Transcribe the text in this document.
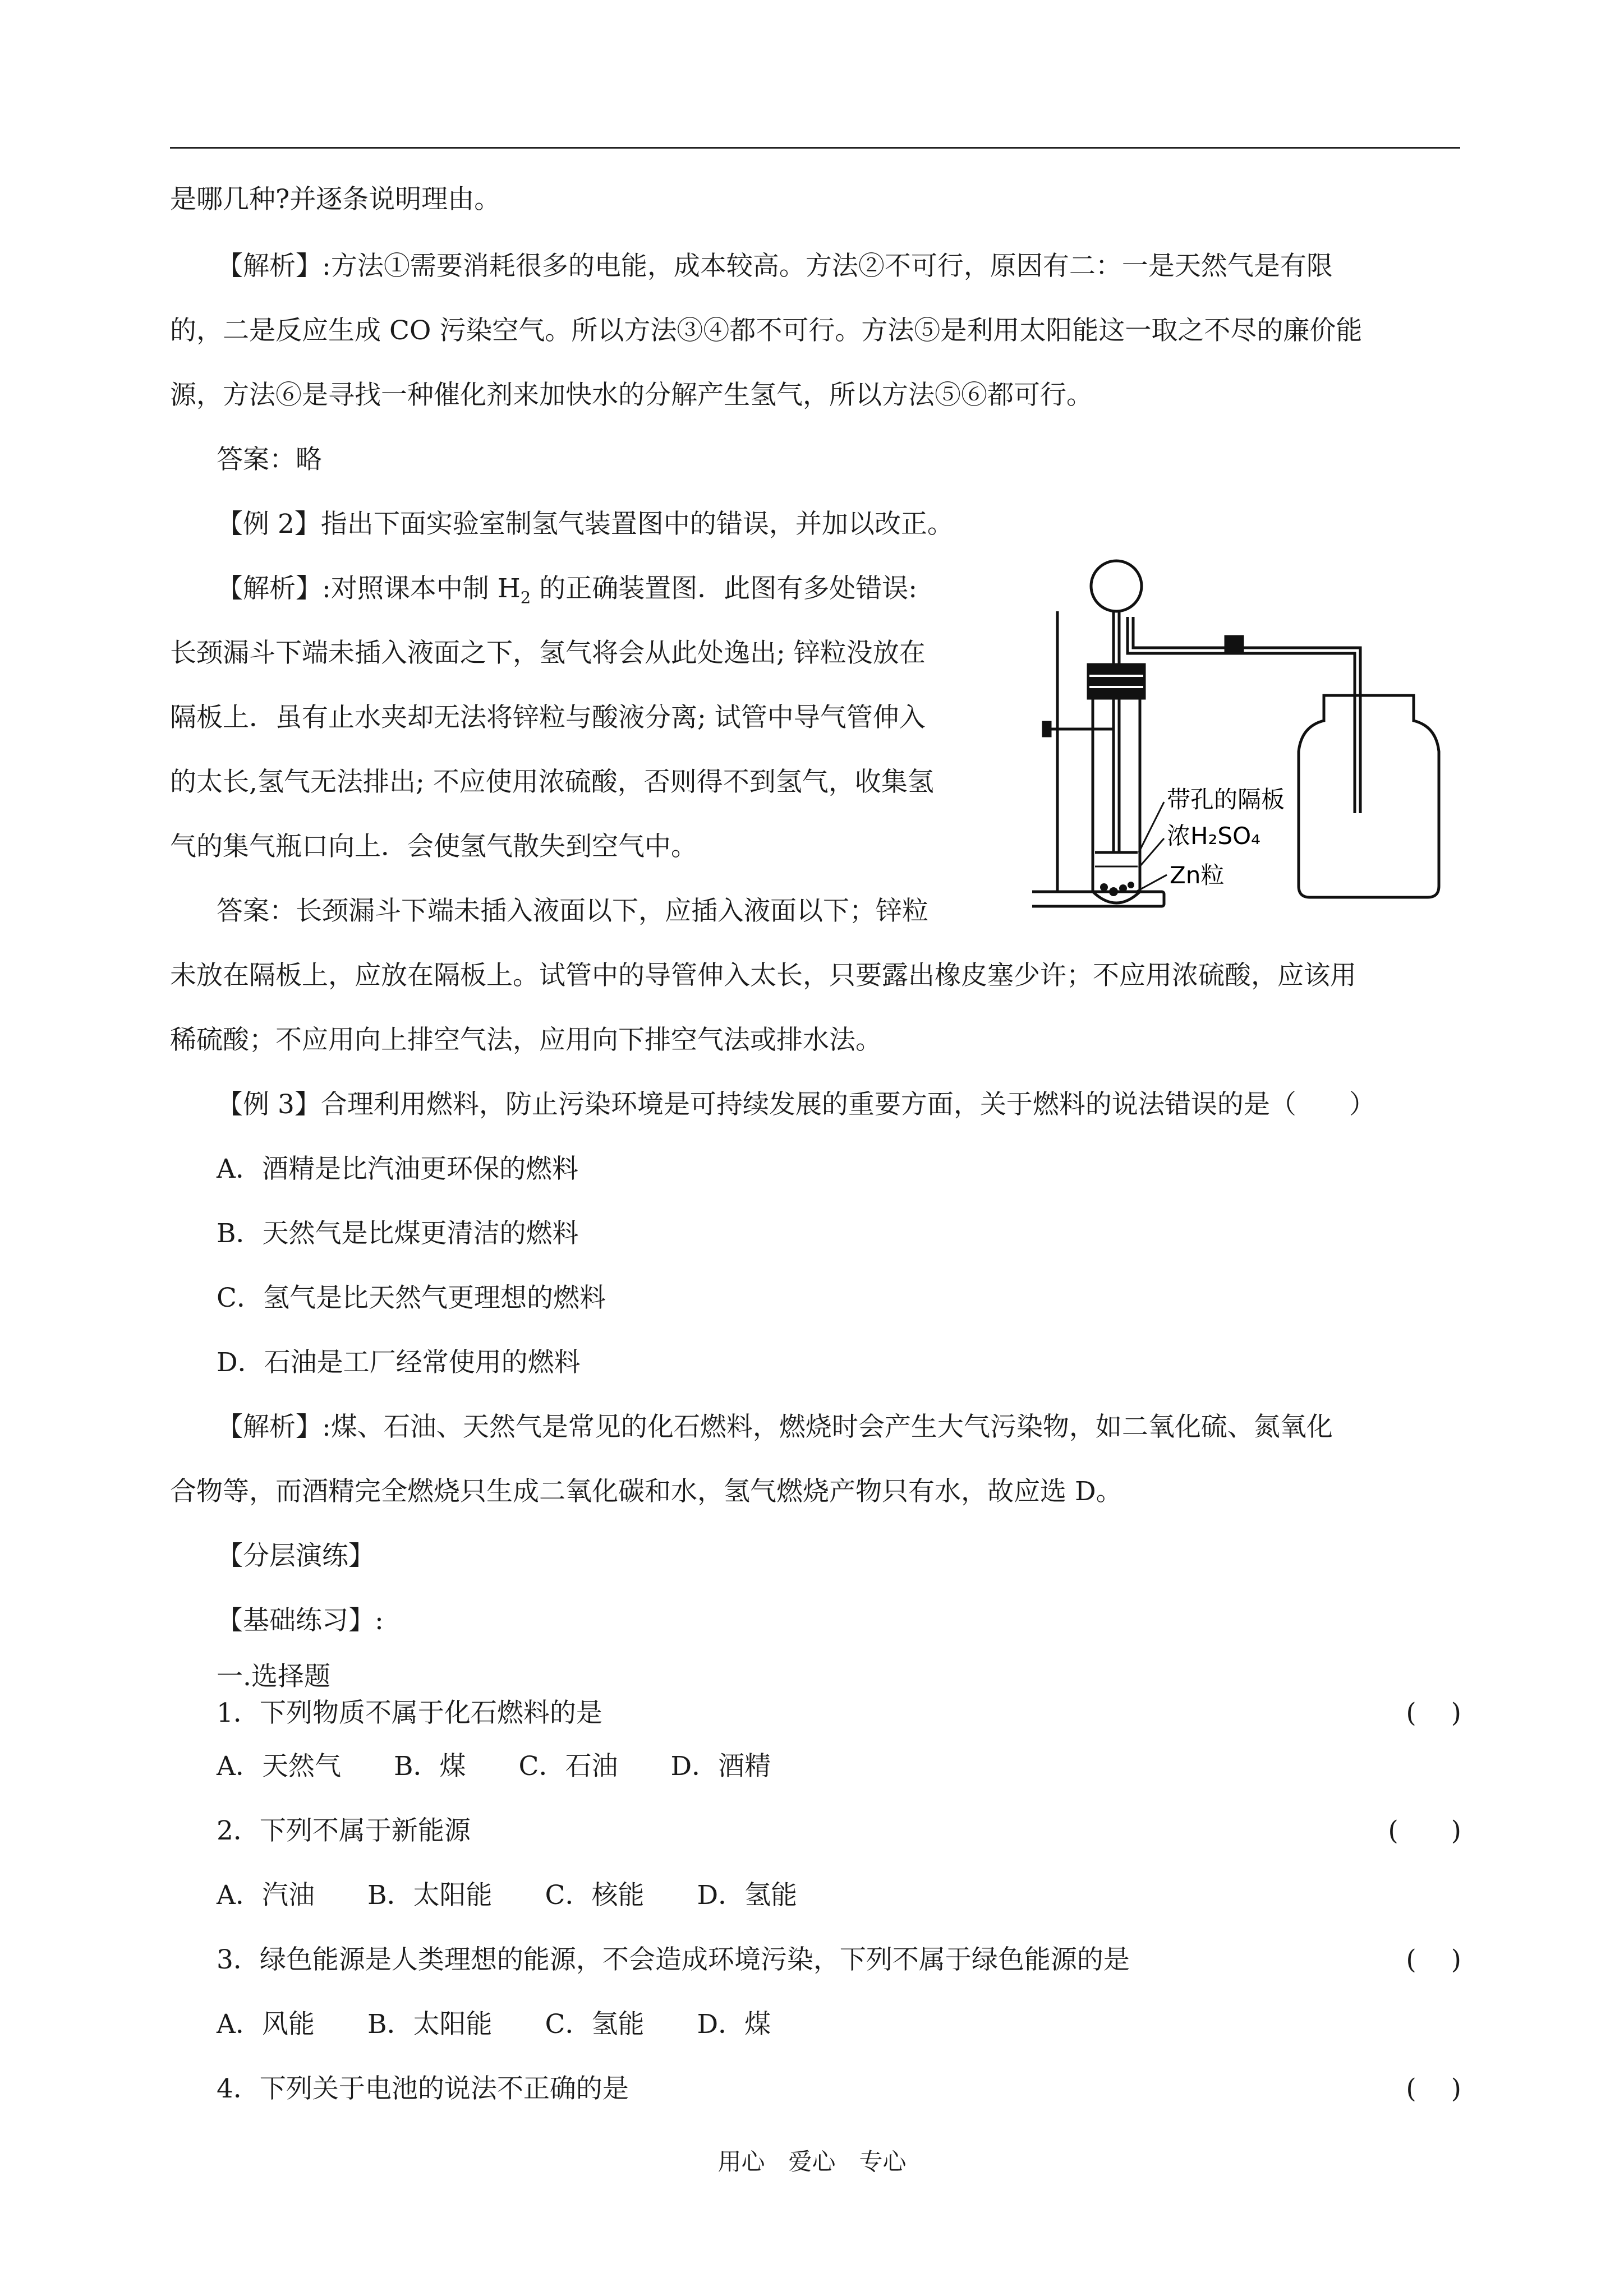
是哪几种?并逐条说明理由。
【解析】:方法①需要消耗很多的电能，成本较高。方法②不可行，原因有二：一是天然气是有限
的，二是反应生成 CO 污染空气。所以方法③④都不可行。方法⑤是利用太阳能这一取之不尽的廉价能
源，方法⑥是寻找一种催化剂来加快水的分解产生氢气，所以方法⑤⑥都可行。
答案：略
【例 2】指出下面实验室制氢气装置图中的错误，并加以改正。
【解析】:对照课本中制 $H_2$ 的正确装置图．此图有多处错误:
长颈漏斗下端未插入液面之下，氢气将会从此处逸出; 锌粒没放在
隔板上．虽有止水夹却无法将锌粒与酸液分离; 试管中导气管伸入
的太长,氢气无法排出; 不应使用浓硫酸，否则得不到氢气，收集氢
气的集气瓶口向上．会使氢气散失到空气中。
答案：长颈漏斗下端未插入液面以下，应插入液面以下；锌粒
未放在隔板上，应放在隔板上。试管中的导管伸入太长，只要露出橡皮塞少许；不应用浓硫酸，应该用
稀硫酸；不应用向上排空气法，应用向下排空气法或排水法。
【例 3】合理利用燃料，防止污染环境是可持续发展的重要方面，关于燃料的说法错误的是（　　）
A．酒精是比汽油更环保的燃料
B．天然气是比煤更清洁的燃料
C．氢气是比天然气更理想的燃料
D．石油是工厂经常使用的燃料
【解析】:煤、石油、天然气是常见的化石燃料，燃烧时会产生大气污染物，如二氧化硫、氮氧化
合物等，而酒精完全燃烧只生成二氧化碳和水，氢气燃烧产物只有水，故应选 D。
【分层演练】
【基础练习】:
一.选择题
1．下列物质不属于化石燃料的是	(　 )
A．天然气　　B．煤　　C．石油　　D．酒精
2．下列不属于新能源	(　　)
A．汽油　　B．太阳能　　C．核能　　D．氢能
3．绿色能源是人类理想的能源，不会造成环境污染，下列不属于绿色能源的是	(　 )
A．风能　　B．太阳能　　C．氢能　　D．煤
4．下列关于电池的说法不正确的是	(　 )
带孔的隔板
浓H₂SO₄
Zn粒
用心　爱心　专心
